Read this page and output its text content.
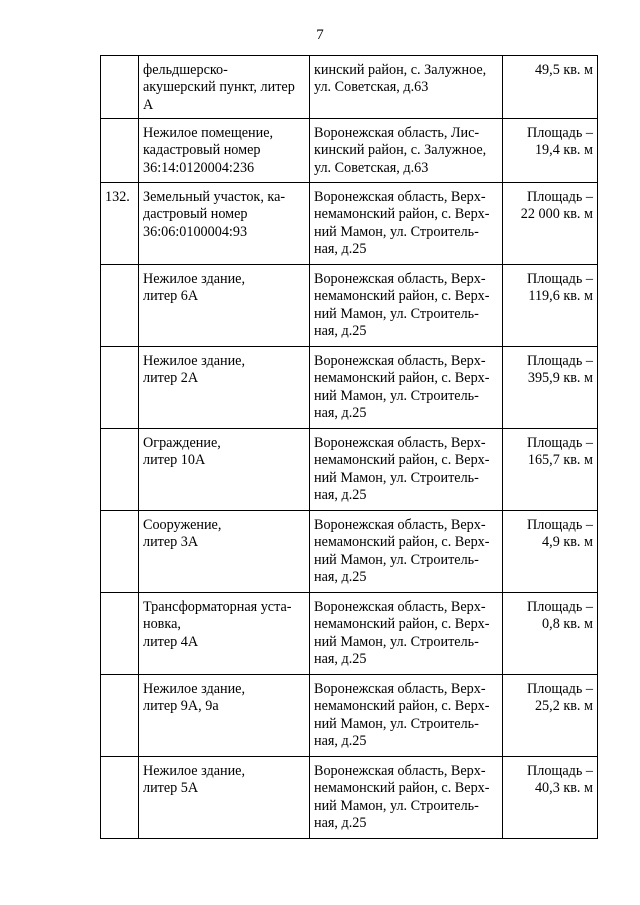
7

	фельдшерско-
акушерский пункт, литер
А	кинский район, с. Залужное,
ул. Советская, д.63	49,5 кв. м

	Нежилое помещение,
кадастровый номер
36:14:0120004:236	Воронежская область, Лис-
кинский район, с. Залужное,
ул. Советская, д.63	Площадь –
19,4 кв. м

132.	Земельный участок, ка-
дастровый номер
36:06:0100004:93	Воронежская область, Верх-
немамонский район, с. Верх-
ний Мамон, ул. Строитель-
ная, д.25	Площадь –
22 000 кв. м

	Нежилое здание,
литер 6А	Воронежская область, Верх-
немамонский район, с. Верх-
ний Мамон, ул. Строитель-
ная, д.25	Площадь –
119,6 кв. м

	Нежилое здание,
литер 2А	Воронежская область, Верх-
немамонский район, с. Верх-
ний Мамон, ул. Строитель-
ная, д.25	Площадь –
395,9 кв. м

	Ограждение,
литер 10А	Воронежская область, Верх-
немамонский район, с. Верх-
ний Мамон, ул. Строитель-
ная, д.25	Площадь –
165,7 кв. м

	Сооружение,
литер 3А	Воронежская область, Верх-
немамонский район, с. Верх-
ний Мамон, ул. Строитель-
ная, д.25	Площадь –
4,9 кв. м

	Трансформаторная уста-
новка,
литер 4А	Воронежская область, Верх-
немамонский район, с. Верх-
ний Мамон, ул. Строитель-
ная, д.25	Площадь –
0,8 кв. м

	Нежилое здание,
литер 9А, 9а	Воронежская область, Верх-
немамонский район, с. Верх-
ний Мамон, ул. Строитель-
ная, д.25	Площадь –
25,2 кв. м

	Нежилое здание,
литер 5А	Воронежская область, Верх-
немамонский район, с. Верх-
ний Мамон, ул. Строитель-
ная, д.25	Площадь –
40,3 кв. м
